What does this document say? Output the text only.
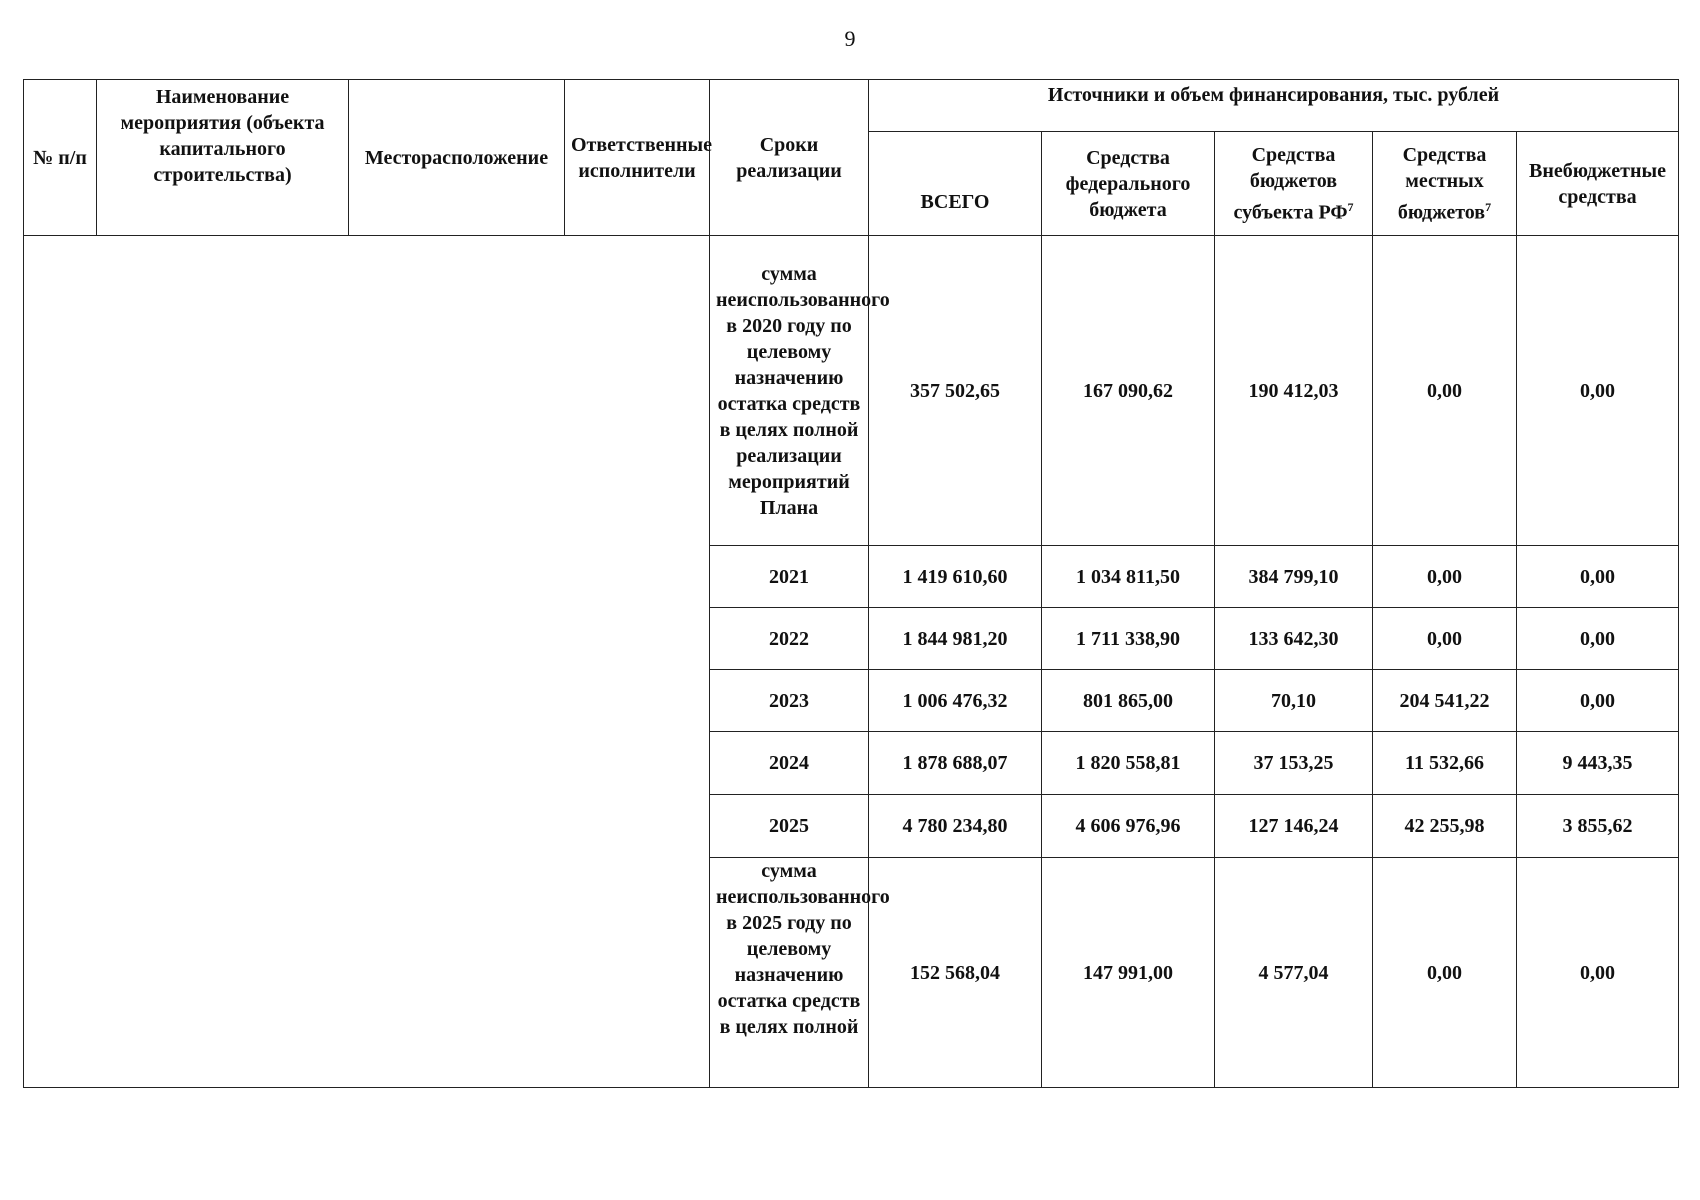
9
№ п/п	Наименование мероприятия (объекта капитального строительства)	Месторасположение	Ответственные исполнители	Сроки реализации	Источники и объем финансирования, тыс. рублей				
					ВСЕГО	Средства федерального бюджета	Средства бюджетов субъекта $РФ^7$	Средства местных бюджетов$^7$	Внебюджетные средства
				сумма неиспользованного в 2020 году по целевому назначению остатка средств в целях полной реализации мероприятий Плана	357 502,65	167 090,62	190 412,03	0,00	0,00
				2021	1 419 610,60	1 034 811,50	384 799,10	0,00	0,00
				2022	1 844 981,20	1 711 338,90	133 642,30	0,00	0,00
				2023	1 006 476,32	801 865,00	70,10	204 541,22	0,00
				2024	1 878 688,07	1 820 558,81	37 153,25	11 532,66	9 443,35
				2025	4 780 234,80	4 606 976,96	127 146,24	42 255,98	3 855,62

				сумма неиспользованного в 2025 году по целевому назначению остатка средств в целях полной	152 568,04	147 991,00	4 577,04	0,00	0,00
